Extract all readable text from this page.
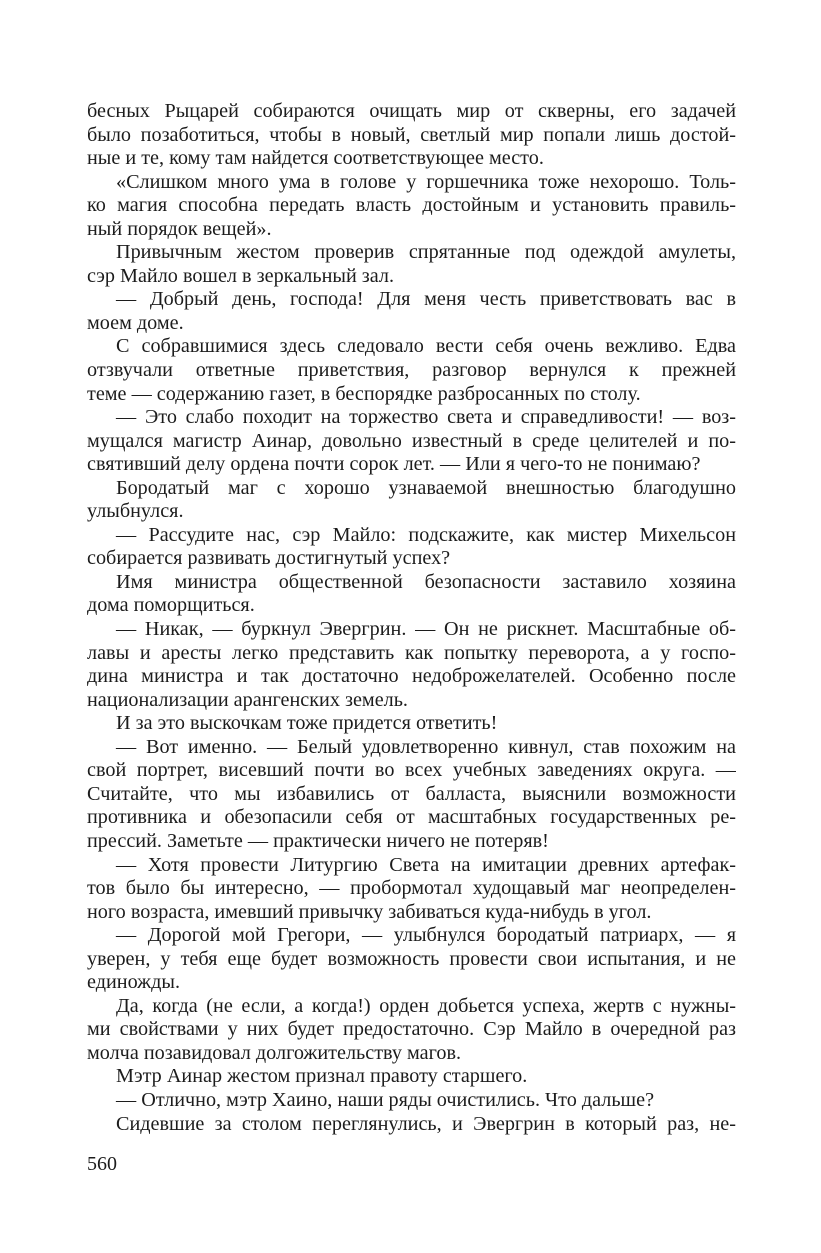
бесных Рыцарей собираются очищать мир от скверны, его задачей
было позаботиться, чтобы в новый, светлый мир попали лишь достой-
ные и те, кому там найдется соответствующее место.
«Слишком много ума в голове у горшечника тоже нехорошо. Толь-
ко магия способна передать власть достойным и установить правиль-
ный порядок вещей».
Привычным жестом проверив спрятанные под одеждой амулеты,
сэр Майло вошел в зеркальный зал.
— Добрый день, господа! Для меня честь приветствовать вас в
моем доме.
С собравшимися здесь следовало вести себя очень вежливо. Едва
отзвучали ответные приветствия, разговор вернулся к прежней
теме — содержанию газет, в беспорядке разбросанных по столу.
— Это слабо походит на торжество света и справедливости! — воз-
мущался магистр Аинар, довольно известный в среде целителей и по-
святивший делу ордена почти сорок лет. — Или я чего-то не понимаю?
Бородатый маг с хорошо узнаваемой внешностью благодушно
улыбнулся.
— Рассудите нас, сэр Майло: подскажите, как мистер Михельсон
собирается развивать достигнутый успех?
Имя министра общественной безопасности заставило хозяина
дома поморщиться.
— Никак, — буркнул Эвергрин. — Он не рискнет. Масштабные об-
лавы и аресты легко представить как попытку переворота, а у госпо-
дина министра и так достаточно недоброжелателей. Особенно после
национализации арангенских земель.
И за это выскочкам тоже придется ответить!
— Вот именно. — Белый удовлетворенно кивнул, став похожим на
свой портрет, висевший почти во всех учебных заведениях округа. —
Считайте, что мы избавились от балласта, выяснили возможности
противника и обезопасили себя от масштабных государственных ре-
прессий. Заметьте — практически ничего не потеряв!
— Хотя провести Литургию Света на имитации древних артефак-
тов было бы интересно, — пробормотал худощавый маг неопределен-
ного возраста, имевший привычку забиваться куда-нибудь в угол.
— Дорогой мой Грегори, — улыбнулся бородатый патриарх, — я
уверен, у тебя еще будет возможность провести свои испытания, и не
единожды.
Да, когда (не если, а когда!) орден добьется успеха, жертв с нужны-
ми свойствами у них будет предостаточно. Сэр Майло в очередной раз
молча позавидовал долгожительству магов.
Мэтр Аинар жестом признал правоту старшего.
— Отлично, мэтр Хаино, наши ряды очистились. Что дальше?
Сидевшие за столом переглянулись, и Эвергрин в который раз, не-
560
